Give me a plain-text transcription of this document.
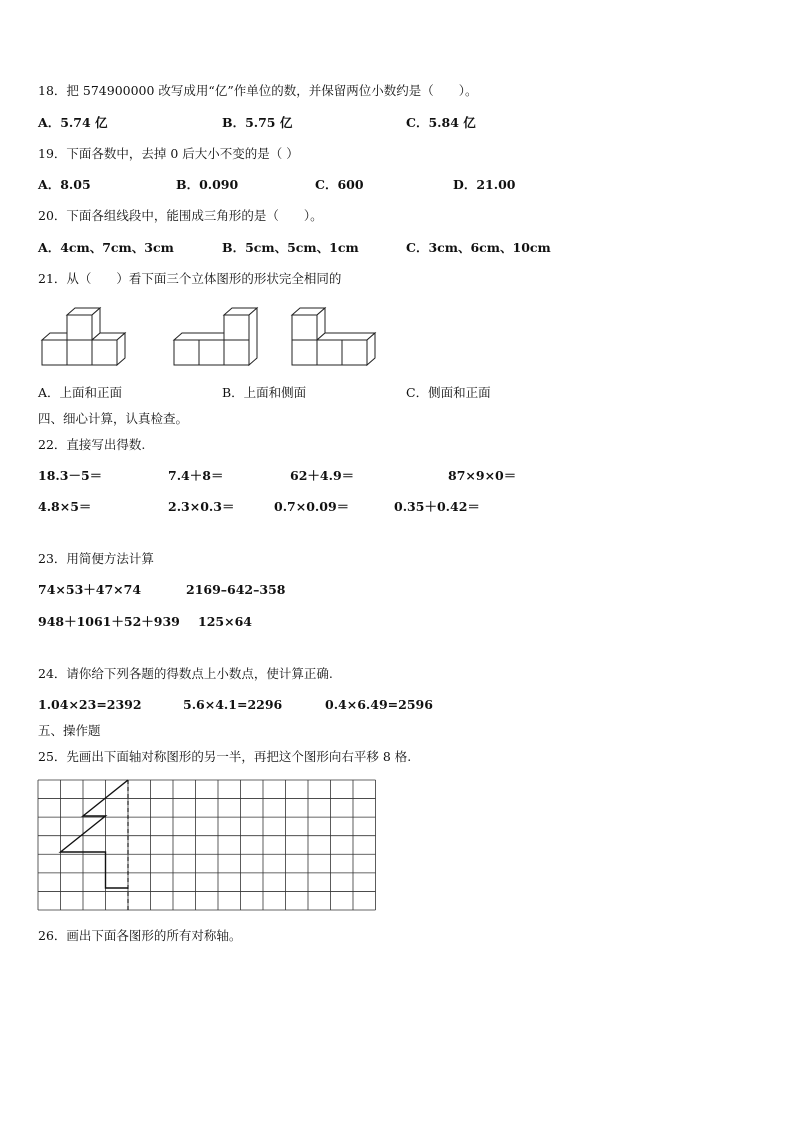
18．把 574900000 改写成用“亿”作单位的数，并保留两位小数约是（　　）。
A．5.74 亿	B．5.75 亿	C．5.84 亿
19．下面各数中，去掉 0 后大小不变的是（ ）
A．8.05	B．0.090	C．600	D．21.00
20．下面各组线段中，能围成三角形的是（　　）。
A．4cm、7cm、3cm	B．5cm、5cm、1cm	C．3cm、6cm、10cm
21．从（　　）看下面三个立体图形的形状完全相同的
A．上面和正面	B．上面和侧面	C．侧面和正面
四、细心计算，认真检查。
22．直接写出得数.
18.3－5＝	7.4＋8＝	62＋4.9＝	87×9×0＝
4.8×5＝	2.3×0.3＝	0.7×0.09＝	0.35＋0.42＝
23．用简便方法计算
74×53＋47×74	2169–642–358
948＋1061＋52＋939 125×64
24．请你给下列各题的得数点上小数点，使计算正确.
1.04×23=2392	5.6×4.1=2296	0.4×6.49=2596
五、操作题
25．先画出下面轴对称图形的另一半，再把这个图形向右平移 8 格.
26．画出下面各图形的所有对称轴。
